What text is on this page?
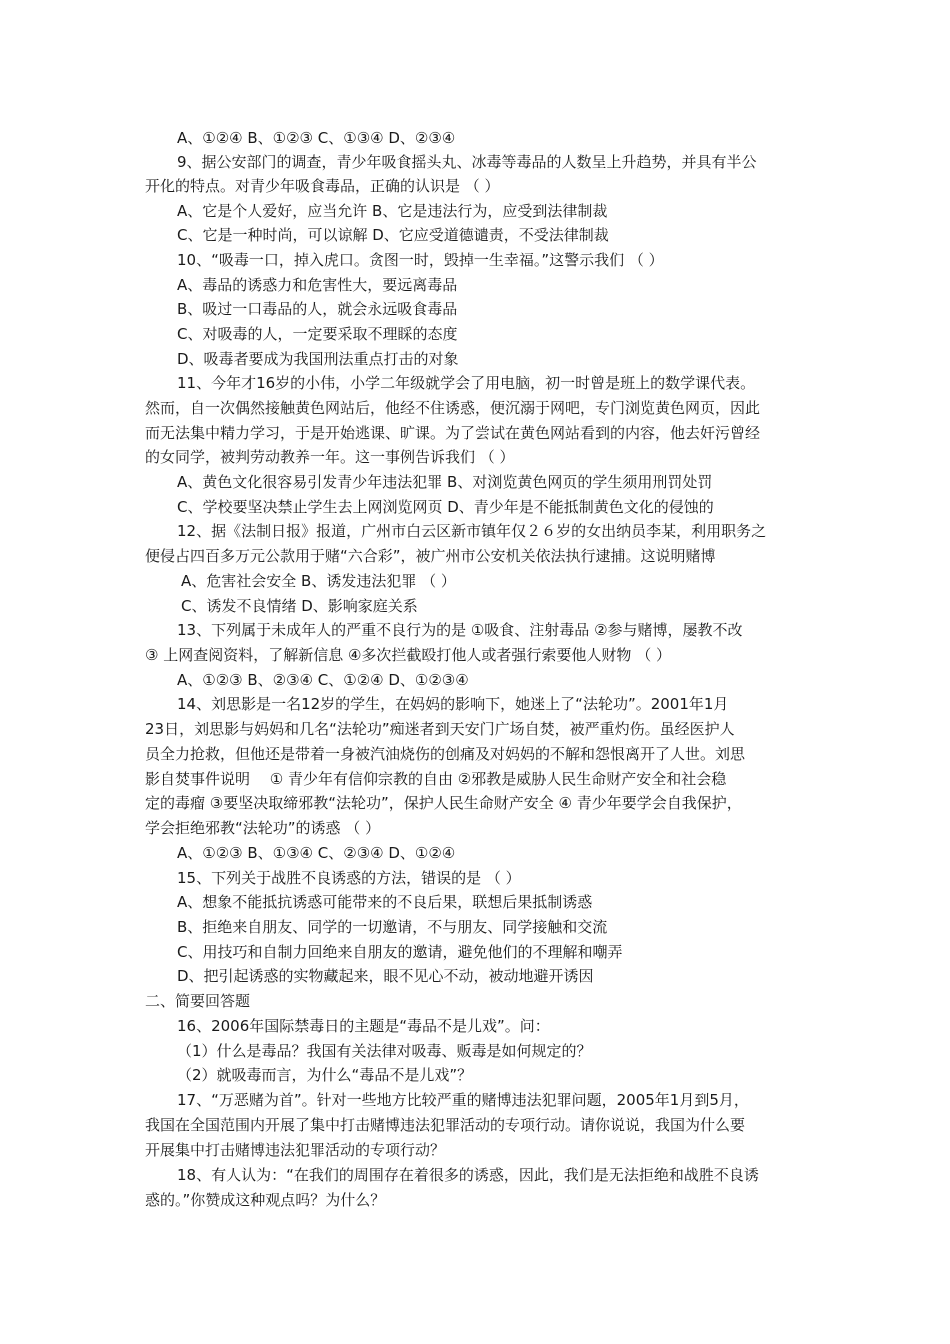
A、①②④ B、①②③ C、①③④ D、②③④
9、据公安部门的调查，青少年吸食摇头丸、冰毒等毒品的人数呈上升趋势，并具有半公
开化的特点。对青少年吸食毒品，正确的认识是 （ ）
A、它是个人爱好，应当允许 B、它是违法行为，应受到法律制裁
C、它是一种时尚，可以谅解 D、它应受道德谴责，不受法律制裁
10、“吸毒一口，掉入虎口。贪图一时，毁掉一生幸福。”这警示我们 （ ）
A、毒品的诱惑力和危害性大，要远离毒品
B、吸过一口毒品的人，就会永远吸食毒品
C、对吸毒的人，一定要采取不理睬的态度
D、吸毒者要成为我国刑法重点打击的对象
11、今年才16岁的小伟，小学二年级就学会了用电脑，初一时曾是班上的数学课代表。
然而，自一次偶然接触黄色网站后，他经不住诱惑，便沉溺于网吧，专门浏览黄色网页，因此
而无法集中精力学习，于是开始逃课、旷课。为了尝试在黄色网站看到的内容，他去奸污曾经
的女同学，被判劳动教养一年。这一事例告诉我们 （ ）
A、黄色文化很容易引发青少年违法犯罪 B、对浏览黄色网页的学生须用刑罚处罚
C、学校要坚决禁止学生去上网浏览网页 D、青少年是不能抵制黄色文化的侵蚀的
12、据《法制日报》报道，广州市白云区新市镇年仅２６岁的女出纳员李某，利用职务之
便侵占四百多万元公款用于赌“六合彩”，被广州市公安机关依法执行逮捕。这说明赌博
A、危害社会安全 B、诱发违法犯罪 （ ）
C、诱发不良情绪 D、影响家庭关系
13、下列属于未成年人的严重不良行为的是 ①吸食、注射毒品 ②参与赌博，屡教不改
③ 上网查阅资料，了解新信息 ④多次拦截殴打他人或者强行索要他人财物 （ ）
A、①②③ B、②③④ C、①②④ D、①②③④
14、刘思影是一名12岁的学生，在妈妈的影响下，她迷上了“法轮功”。2001年1月
23日，刘思影与妈妈和几名“法轮功”痴迷者到天安门广场自焚，被严重灼伤。虽经医护人
员全力抢救，但他还是带着一身被汽油烧伤的创痛及对妈妈的不解和怨恨离开了人世。刘思
影自焚事件说明　 ① 青少年有信仰宗教的自由 ②邪教是威胁人民生命财产安全和社会稳
定的毒瘤 ③要坚决取缔邪教“法轮功”，保护人民生命财产安全 ④ 青少年要学会自我保护，
学会拒绝邪教“法轮功”的诱惑 （ ）
A、①②③ B、①③④ C、②③④ D、①②④
15、下列关于战胜不良诱惑的方法，错误的是 （ ）
A、想象不能抵抗诱惑可能带来的不良后果，联想后果抵制诱惑
B、拒绝来自朋友、同学的一切邀请，不与朋友、同学接触和交流
C、用技巧和自制力回绝来自朋友的邀请，避免他们的不理解和嘲弄
D、把引起诱惑的实物藏起来，眼不见心不动，被动地避开诱因
二、简要回答题
16、2006年国际禁毒日的主题是“毒品不是儿戏”。问：
（1）什么是毒品？我国有关法律对吸毒、贩毒是如何规定的？
（2）就吸毒而言，为什么“毒品不是儿戏”？
17、“万恶赌为首”。针对一些地方比较严重的赌博违法犯罪问题，2005年1月到5月，
我国在全国范围内开展了集中打击赌博违法犯罪活动的专项行动。请你说说，我国为什么要
开展集中打击赌博违法犯罪活动的专项行动？
18、有人认为：“在我们的周围存在着很多的诱惑，因此，我们是无法拒绝和战胜不良诱
惑的。”你赞成这种观点吗？为什么？
